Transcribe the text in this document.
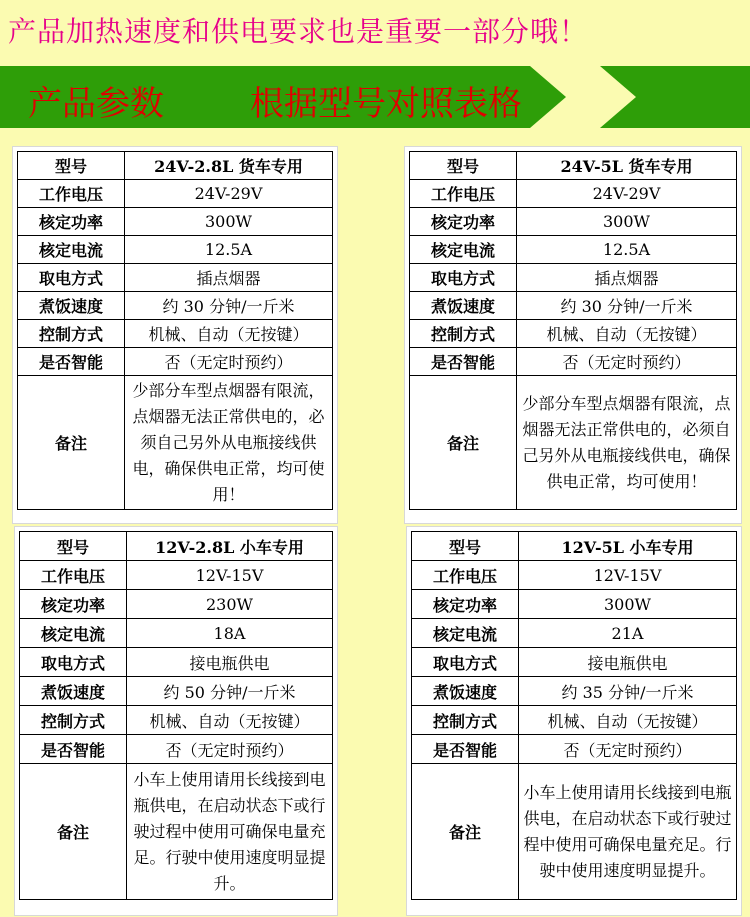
产品加热速度和供电要求也是重要一部分哦！
产品参数	根据型号对照表格
型号	24V-2.8L 货车专用
工作电压	24V-29V
核定功率	300W
核定电流	12.5A
取电方式	插点烟器
煮饭速度	约 30 分钟/一斤米
控制方式	机械、自动（无按键）
是否智能	否（无定时预约）
备注	少部分车型点烟器有限流，点烟器无法正常供电的，必须自己另外从电瓶接线供电，确保供电正常，均可使用！
型号	24V-5L 货车专用
工作电压	24V-29V
核定功率	300W
核定电流	12.5A
取电方式	插点烟器
煮饭速度	约 30 分钟/一斤米
控制方式	机械、自动（无按键）
是否智能	否（无定时预约）
备注	少部分车型点烟器有限流，点烟器无法正常供电的，必须自己另外从电瓶接线供电，确保供电正常，均可使用！
型号	12V-2.8L 小车专用
工作电压	12V-15V
核定功率	230W
核定电流	18A
取电方式	接电瓶供电
煮饭速度	约 50 分钟/一斤米
控制方式	机械、自动（无按键）
是否智能	否（无定时预约）
备注	小车上使用请用长线接到电瓶供电，在启动状态下或行驶过程中使用可确保电量充足。行驶中使用速度明显提升。
型号	12V-5L 小车专用
工作电压	12V-15V
核定功率	300W
核定电流	21A
取电方式	接电瓶供电
煮饭速度	约 35 分钟/一斤米
控制方式	机械、自动（无按键）
是否智能	否（无定时预约）
备注	小车上使用请用长线接到电瓶供电，在启动状态下或行驶过程中使用可确保电量充足。行驶中使用速度明显提升。
